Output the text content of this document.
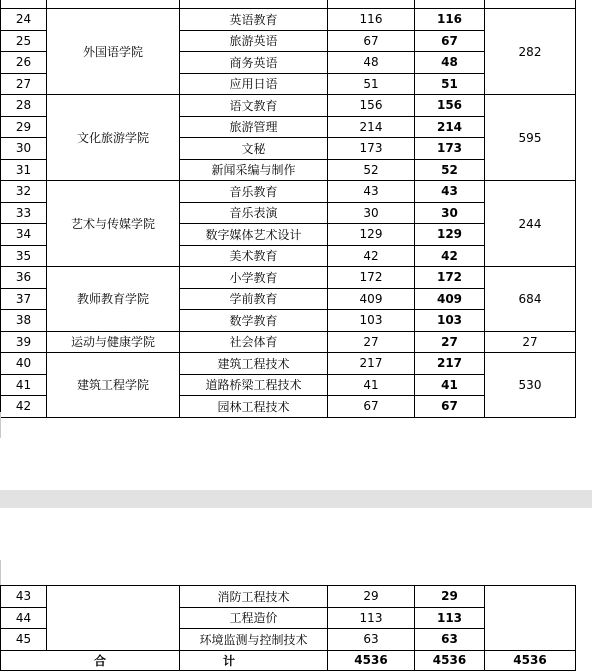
24	外国语学院	英语教育	116	116	282
25		旅游英语	67	67	
26		商务英语	48	48	
27		应用日语	51	51	
28	文化旅游学院	语文教育	156	156	595
29		旅游管理	214	214	
30		文秘	173	173	
31		新闻采编与制作	52	52	
32	艺术与传媒学院	音乐教育	43	43	244
33		音乐表演	30	30	
34		数字媒体艺术设计	129	129	
35		美术教育	42	42	
36	教师教育学院	小学教育	172	172	684
37		学前教育	409	409	
38		数学教育	103	103	
39	运动与健康学院	社会体育	27	27	27
40	建筑工程学院	建筑工程技术	217	217	530
41		道路桥梁工程技术	41	41	
42		园林工程技术	67	67	
43		消防工程技术	29	29	
44		工程造价	113	113	
45		环境监测与控制技术	63	63	
合		计	4536	4536	4536
